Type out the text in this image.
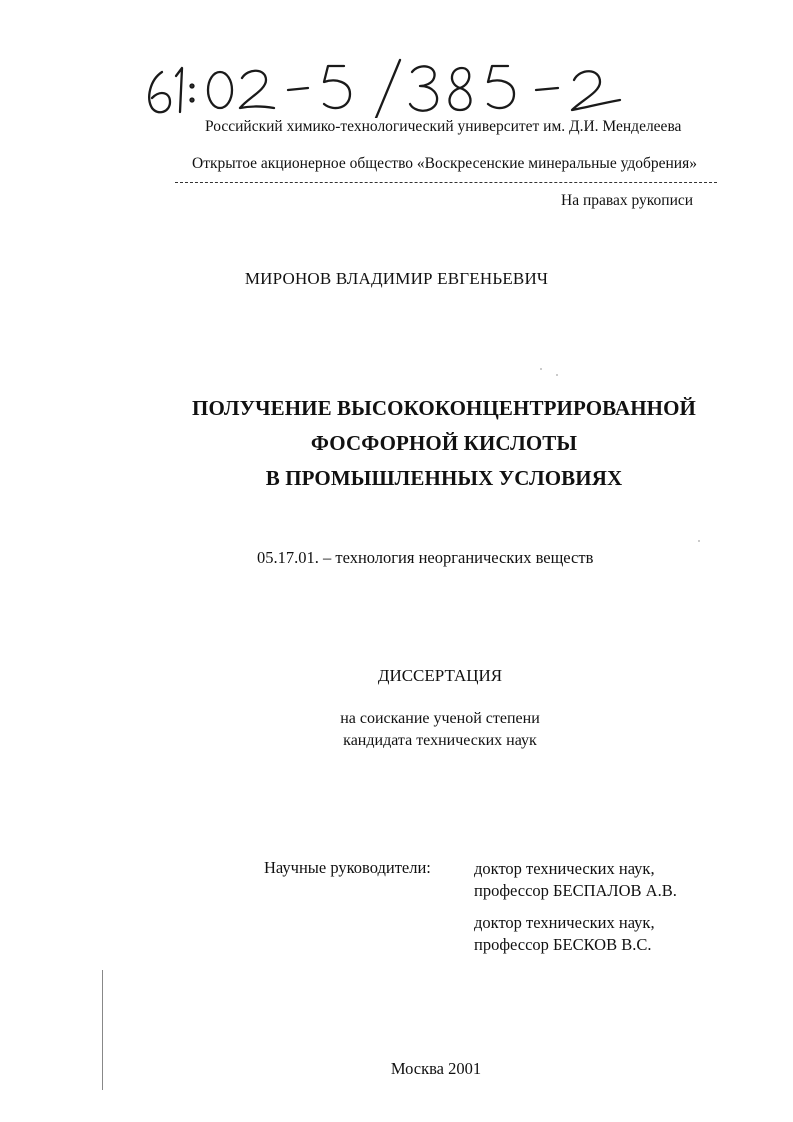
Российский химико-технологический университет им. Д.И. Менделеева
Открытое акционерное общество «Воскресенские минеральные удобрения»
На правах рукописи
МИРОНОВ ВЛАДИМИР ЕВГЕНЬЕВИЧ
ПОЛУЧЕНИЕ ВЫСОКОКОНЦЕНТРИРОВАННОЙ
ФОСФОРНОЙ КИСЛОТЫ
В ПРОМЫШЛЕННЫХ УСЛОВИЯХ
05.17.01. – технология неорганических веществ
ДИССЕРТАЦИЯ
на соискание ученой степени
кандидата технических наук
Научные руководители:	доктор технических наук,
профессор БЕСПАЛОВ А.В.
доктор технических наук,
профессор БЕСКОВ В.С.
Москва 2001
